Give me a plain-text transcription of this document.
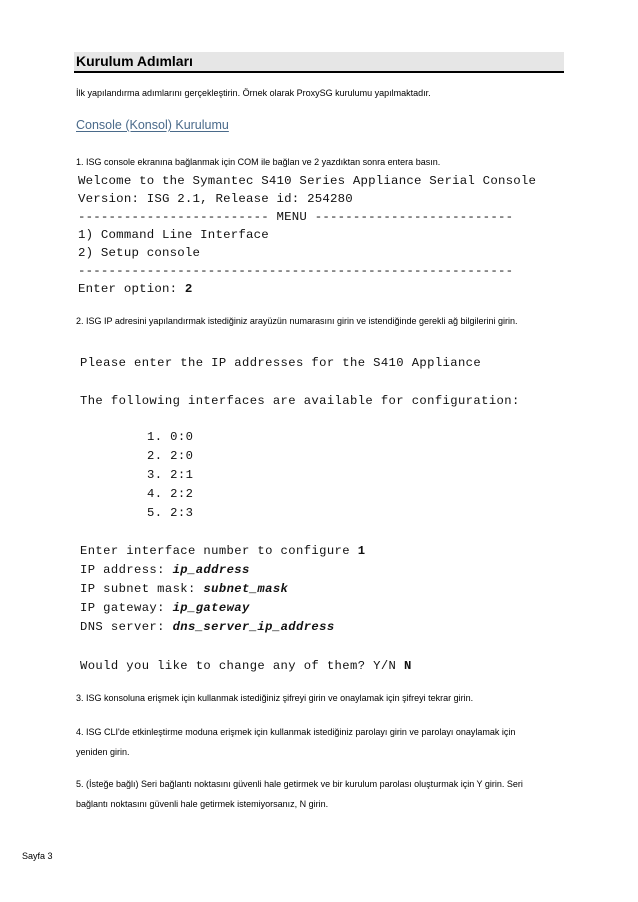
Kurulum Adımları
İlk yapılandırma adımlarını gerçekleştirin. Örnek olarak ProxySG kurulumu yapılmaktadır.
Console (Konsol) Kurulumu
1. ISG console ekranına bağlanmak için COM ile bağlan ve 2 yazdıktan sonra entera basın.
Welcome to the Symantec S410 Series Appliance Serial Console
Version: ISG 2.1, Release id: 254280
------------------------- MENU --------------------------
1) Command Line Interface
2) Setup console
---------------------------------------------------------
Enter option: 2
2. ISG IP adresini yapılandırmak istediğiniz arayüzün numarasını girin ve istendiğinde gerekli ağ bilgilerini girin.
Please enter the IP addresses for the S410 Appliance
The following interfaces are available for configuration:
1. 0:0
2. 2:0
3. 2:1
4. 2:2
5. 2:3
Enter interface number to configure 1
IP address: ip_address
IP subnet mask: subnet_mask
IP gateway: ip_gateway
DNS server: dns_server_ip_address
Would you like to change any of them? Y/N N
3. ISG konsoluna erişmek için kullanmak istediğiniz şifreyi girin ve onaylamak için şifreyi tekrar girin.
4. ISG CLI'de etkinleştirme moduna erişmek için kullanmak istediğiniz parolayı girin ve parolayı onaylamak için
yeniden girin.
5. (İsteğe bağlı) Seri bağlantı noktasını güvenli hale getirmek ve bir kurulum parolası oluşturmak için Y girin. Seri
bağlantı noktasını güvenli hale getirmek istemiyorsanız, N girin.
Sayfa 3
